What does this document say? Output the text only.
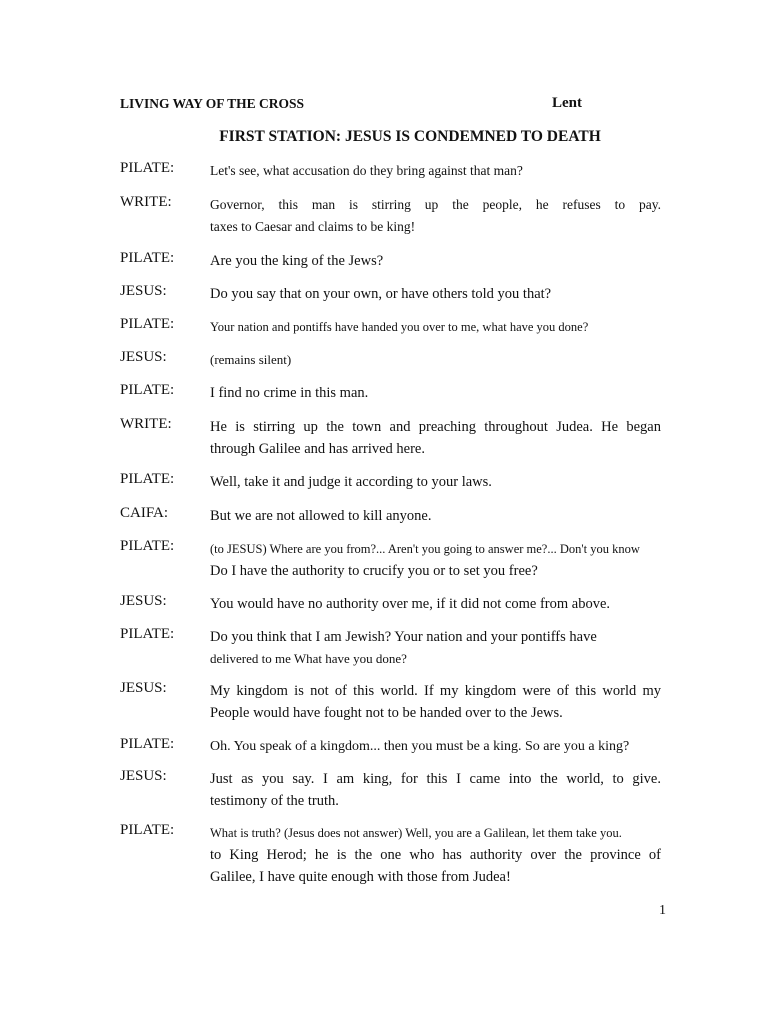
LIVING WAY OF THE CROSS	Lent
FIRST STATION: JESUS IS CONDEMNED TO DEATH
PILATE:	Let's see, what accusation do they bring against that man?
WRITE:	Governor, this man is stirring up the people, he refuses to pay.
taxes to Caesar and claims to be king!
PILATE: Are you the king of the Jews?
JESUS:	Do you say that on your own, or have others told you that?
PILATE:	Your nation and pontiffs have handed you over to me, what have you done?
JESUS:	(remains silent)
PILATE: I find no crime in this man.
WRITE:	He is stirring up the town and preaching throughout Judea. He began
through Galilee and has arrived here.
PILATE: Well, take it and judge it according to your laws.
CAIFA:	But we are not allowed to kill anyone.
PILATE:	(to JESUS) Where are you from?... Aren't you going to answer me?... Don't you know
Do I have the authority to crucify you or to set you free?
JESUS:	You would have no authority over me, if it did not come from above.
PILATE: Do you think that I am Jewish? Your nation and your pontiffs have
delivered to me What have you done?
JESUS:	My kingdom is not of this world. If my kingdom were of this world my
People would have fought not to be handed over to the Jews.
PILATE:	Oh. You speak of a kingdom... then you must be a king. So are you a king?
JESUS:	Just as you say. I am king, for this I came into the world, to give.
testimony of the truth.
PILATE:	What is truth? (Jesus does not answer) Well, you are a Galilean, let them take you.
to King Herod; he is the one who has authority over the province of
Galilee, I have quite enough with those from Judea!
1
